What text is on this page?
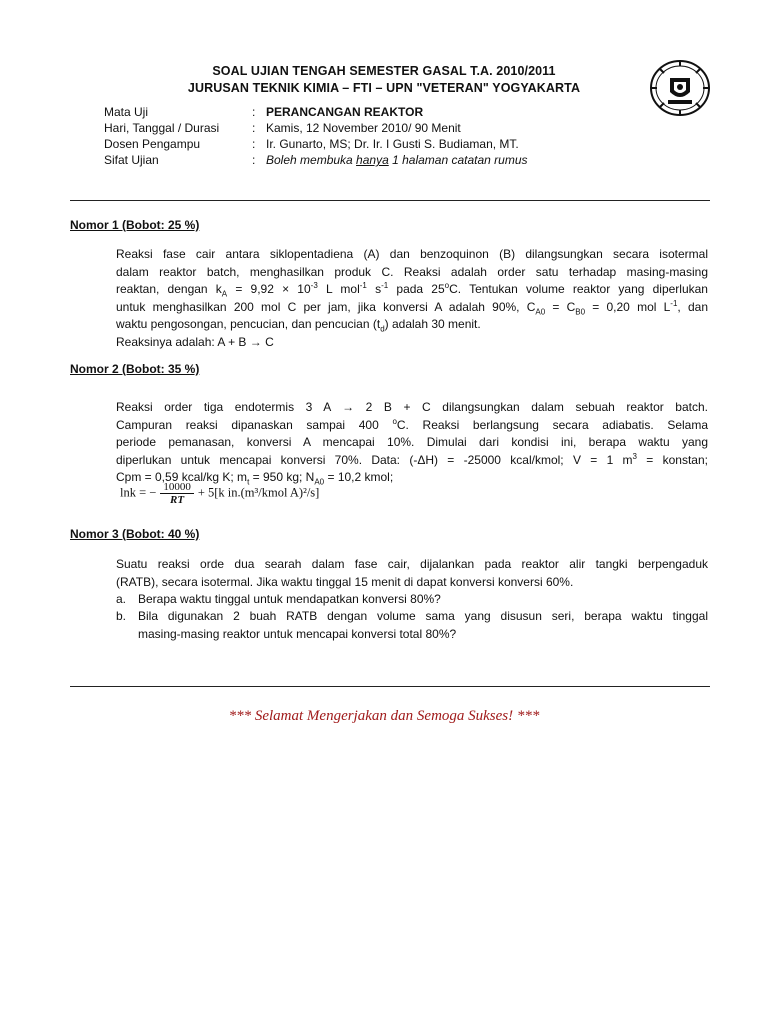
SOAL UJIAN TENGAH SEMESTER GASAL T.A. 2010/2011
JURUSAN TEKNIK KIMIA – FTI – UPN "VETERAN" YOGYAKARTA
Mata Uji	: PERANCANGAN REAKTOR
Hari, Tanggal / Durasi	: Kamis, 12 November 2010/ 90 Menit
Dosen Pengampu	: Ir. Gunarto, MS; Dr. Ir. I Gusti S. Budiaman, MT.
Sifat Ujian	: Boleh membuka hanya 1 halaman catatan rumus
Nomor 1 (Bobot: 25 %)
Reaksi fase cair antara siklopentadiena (A) dan benzoquinon (B) dilangsungkan secara isotermal
dalam reaktor batch, menghasilkan produk C. Reaksi adalah order satu terhadap masing-masing
reaktan, dengan $k_A = 9,92 \times 10^{-3}$ L mol$^{-1}$ $s^{-1}$ pada 25$^o$C. Tentukan volume reaktor yang diperlukan
untuk menghasilkan 200 mol C per jam, jika konversi A adalah 90%, $C_{A0} = C_{B0} = 0,20$ mol $L^{-1}$, dan
waktu pengosongan, pencucian, dan pencucian $(t_d)$ adalah 30 menit.
Reaksinya adalah: A + B → C
Nomor 2 (Bobot: 35 %)
Reaksi order tiga endotermis 3 A → 2 B + C dilangsungkan dalam sebuah reaktor batch.
Campuran reaksi dipanaskan sampai 400 $^o$C. Reaksi berlangsung secara adiabatis. Selama
periode pemanasan, konversi A mencapai 10%. Dimulai dari kondisi ini, berapa waktu yang
diperlukan untuk mencapai konversi 70%. Data: (-ΔH) = -25000 kcal/kmol; V = 1 $m^3$ = konstan;
Cpm = 0,59 kcal/kg K; $m_t = 950$ kg; $N_{A0} = 10,2$ kmol;
lnk = − $\frac{10000}{RT} + 5[k$ in.(m³/kmol A)²/s]
Nomor 3 (Bobot: 40 %)
Suatu reaksi orde dua searah dalam fase cair, dijalankan pada reaktor alir tangki berpengaduk
(RATB), secara isotermal. Jika waktu tinggal 15 menit di dapat konversi konversi 60%.
a. Berapa waktu tinggal untuk mendapatkan konversi 80%?
b. Bila digunakan 2 buah RATB dengan volume sama yang disusun seri, berapa waktu tinggal
masing-masing reaktor untuk mencapai konversi total 80%?
*** Selamat Mengerjakan dan Semoga Sukses! ***
